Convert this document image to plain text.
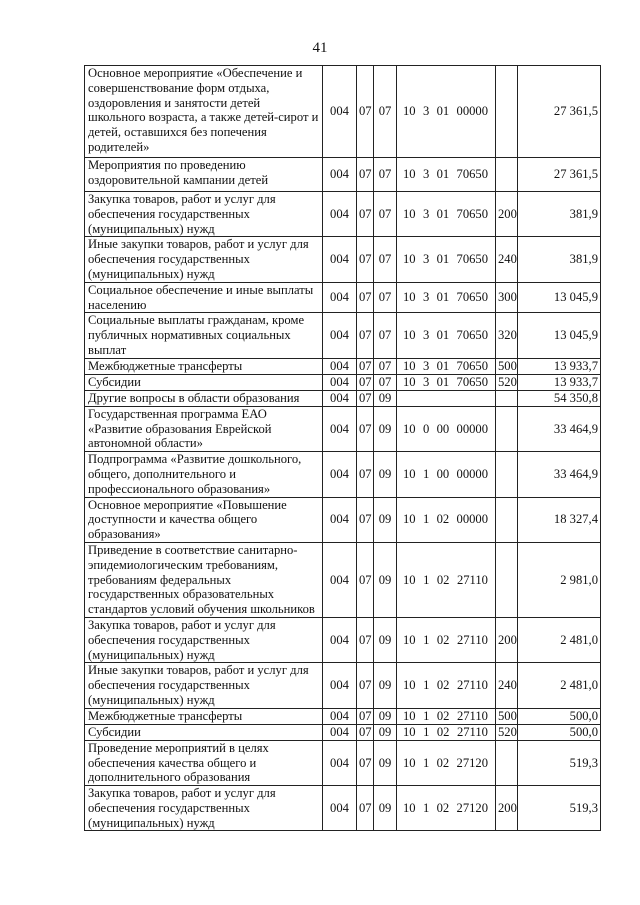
41
Основное мероприятие «Обеспечение и совершенствование форм отдыха, оздоровления и занятости детей школьного возраста, а также детей-сирот и детей, оставшихся без попечения родителей»	004	07	07	10 3 01 00000		27 361,5
Мероприятия по проведению оздоровительной кампании детей	004	07	07	10 3 01 70650		27 361,5
Закупка товаров, работ и услуг для обеспечения государственных (муниципальных) нужд	004	07	07	10 3 01 70650	200	381,9
Иные закупки товаров, работ и услуг для обеспечения государственных (муниципальных) нужд	004	07	07	10 3 01 70650	240	381,9
Социальное обеспечение и иные выплаты населению	004	07	07	10 3 01 70650	300	13 045,9
Социальные выплаты гражданам, кроме публичных нормативных социальных выплат	004	07	07	10 3 01 70650	320	13 045,9
Межбюджетные трансферты	004	07	07	10 3 01 70650	500	13 933,7
Субсидии	004	07	07	10 3 01 70650	520	13 933,7
Другие вопросы в области образования	004	07	09			54 350,8
Государственная программа ЕАО «Развитие образования Еврейской автономной области»	004	07	09	10 0 00 00000		33 464,9
Подпрограмма «Развитие дошкольного, общего, дополнительного и профессионального образования»	004	07	09	10 1 00 00000		33 464,9
Основное мероприятие «Повышение доступности и качества общего образования»	004	07	09	10 1 02 00000		18 327,4
Приведение в соответствие санитарно-эпидемиологическим требованиям, требованиям федеральных государственных образовательных стандартов условий обучения школьников	004	07	09	10 1 02 27110		2 981,0
Закупка товаров, работ и услуг для обеспечения государственных (муниципальных) нужд	004	07	09	10 1 02 27110	200	2 481,0
Иные закупки товаров, работ и услуг для обеспечения государственных (муниципальных) нужд	004	07	09	10 1 02 27110	240	2 481,0
Межбюджетные трансферты	004	07	09	10 1 02 27110	500	500,0
Субсидии	004	07	09	10 1 02 27110	520	500,0
Проведение мероприятий в целях обеспечения качества общего и дополнительного образования	004	07	09	10 1 02 27120		519,3
Закупка товаров, работ и услуг для обеспечения государственных (муниципальных) нужд	004	07	09	10 1 02 27120	200	519,3
